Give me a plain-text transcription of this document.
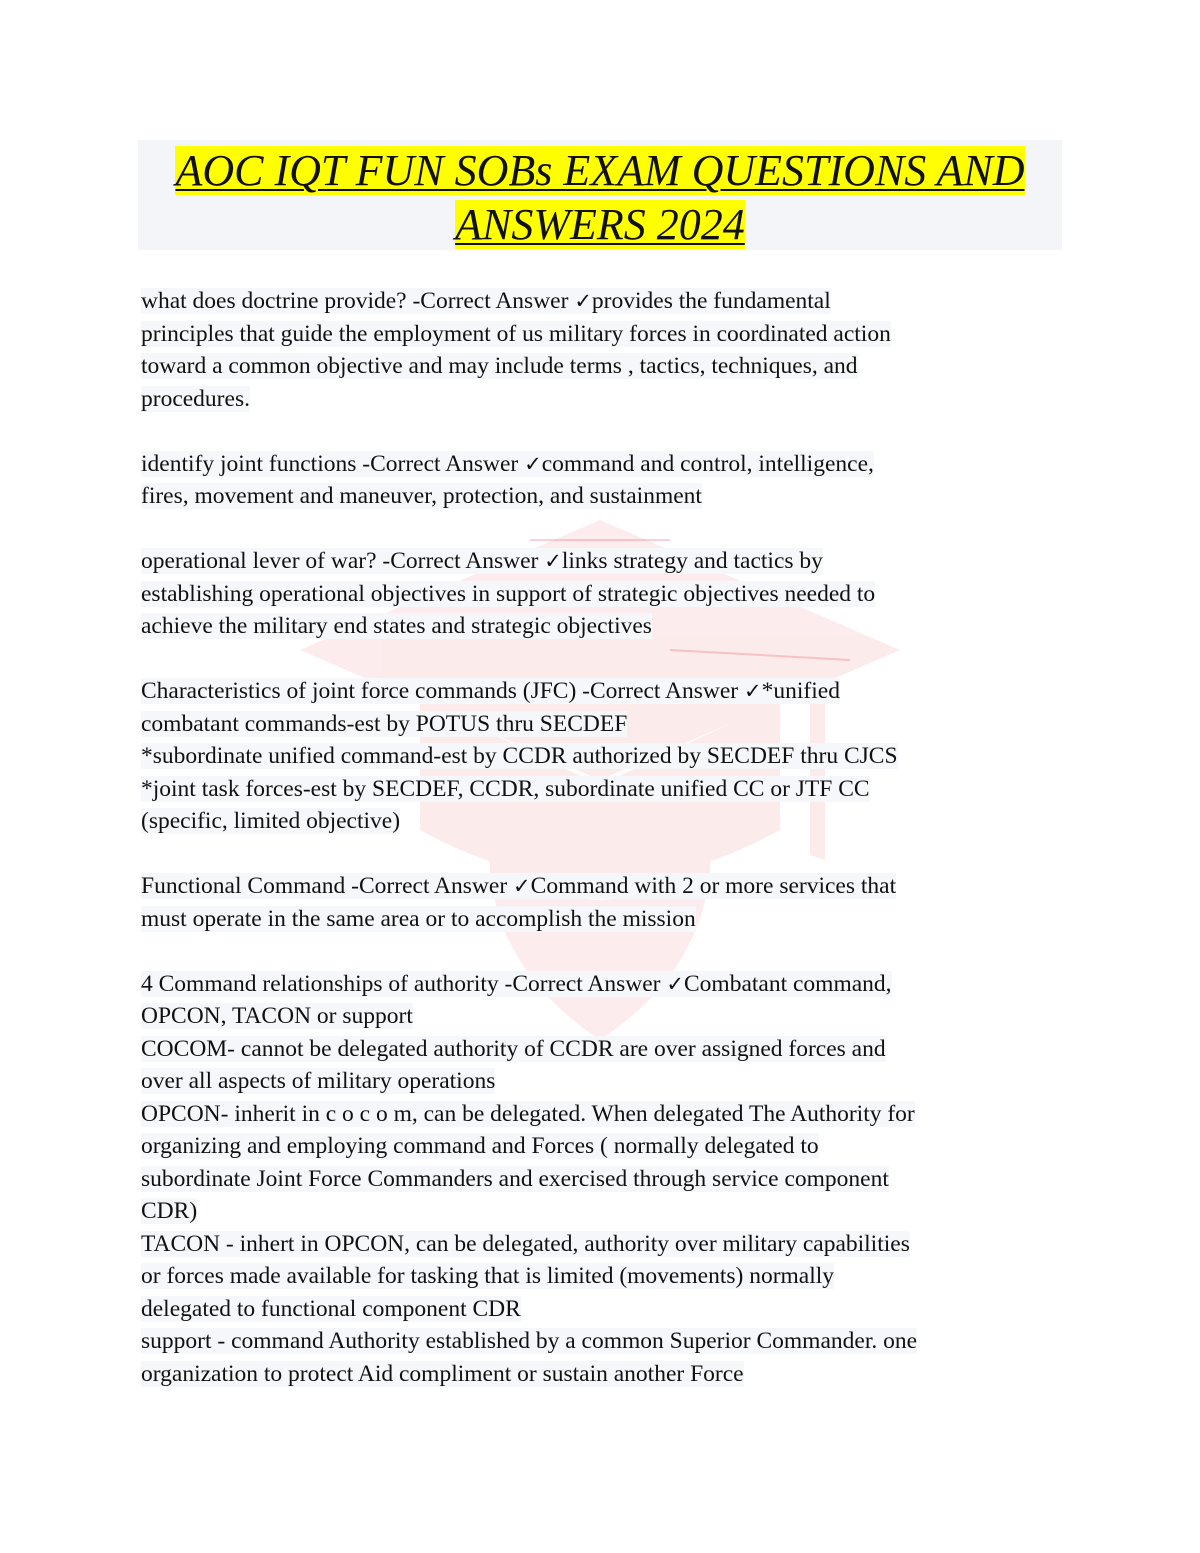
AOC IQT FUN SOBs EXAM QUESTIONS AND
ANSWERS 2024
what does doctrine provide? -Correct Answer ✓provides the fundamental
principles that guide the employment of us military forces in coordinated action
toward a common objective and may include terms , tactics, techniques, and
procedures.
identify joint functions -Correct Answer ✓command and control, intelligence,
fires, movement and maneuver, protection, and sustainment
operational lever of war? -Correct Answer ✓links strategy and tactics by
establishing operational objectives in support of strategic objectives needed to
achieve the military end states and strategic objectives
Characteristics of joint force commands (JFC) -Correct Answer ✓*unified
combatant commands-est by POTUS thru SECDEF
*subordinate unified command-est by CCDR authorized by SECDEF thru CJCS
*joint task forces-est by SECDEF, CCDR, subordinate unified CC or JTF CC
(specific, limited objective)
Functional Command -Correct Answer ✓Command with 2 or more services that
must operate in the same area or to accomplish the mission
4 Command relationships of authority -Correct Answer ✓Combatant command,
OPCON, TACON or support
COCOM- cannot be delegated authority of CCDR are over assigned forces and
over all aspects of military operations
OPCON- inherit in c o c o m, can be delegated. When delegated The Authority for
organizing and employing command and Forces ( normally delegated to
subordinate Joint Force Commanders and exercised through service component
CDR)
TACON - inhert in OPCON, can be delegated, authority over military capabilities
or forces made available for tasking that is limited (movements) normally
delegated to functional component CDR
support - command Authority established by a common Superior Commander. one
organization to protect Aid compliment or sustain another Force
